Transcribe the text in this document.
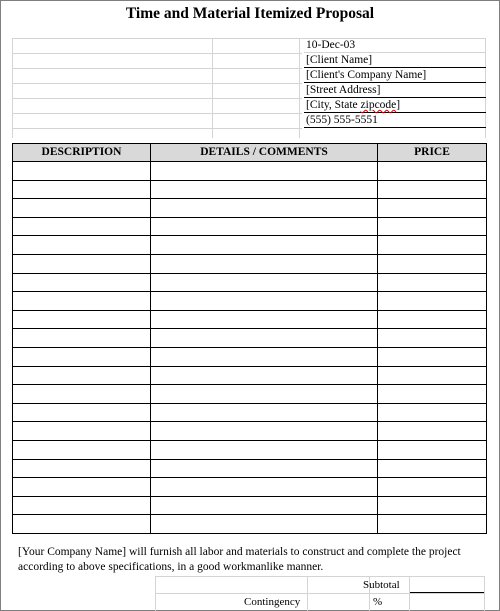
Time and Material Itemized Proposal
10-Dec-03
[Client Name]
[Client's Company Name]
[Street Address]
[City, State zipcode]
(555) 555-5551
DESCRIPTION	DETAILS / COMMENTS	PRICE

[Your Company Name] will furnish all labor and materials to construct and complete the project according to above specifications, in a good workmanlike manner.
Subtotal
Contingency	%
